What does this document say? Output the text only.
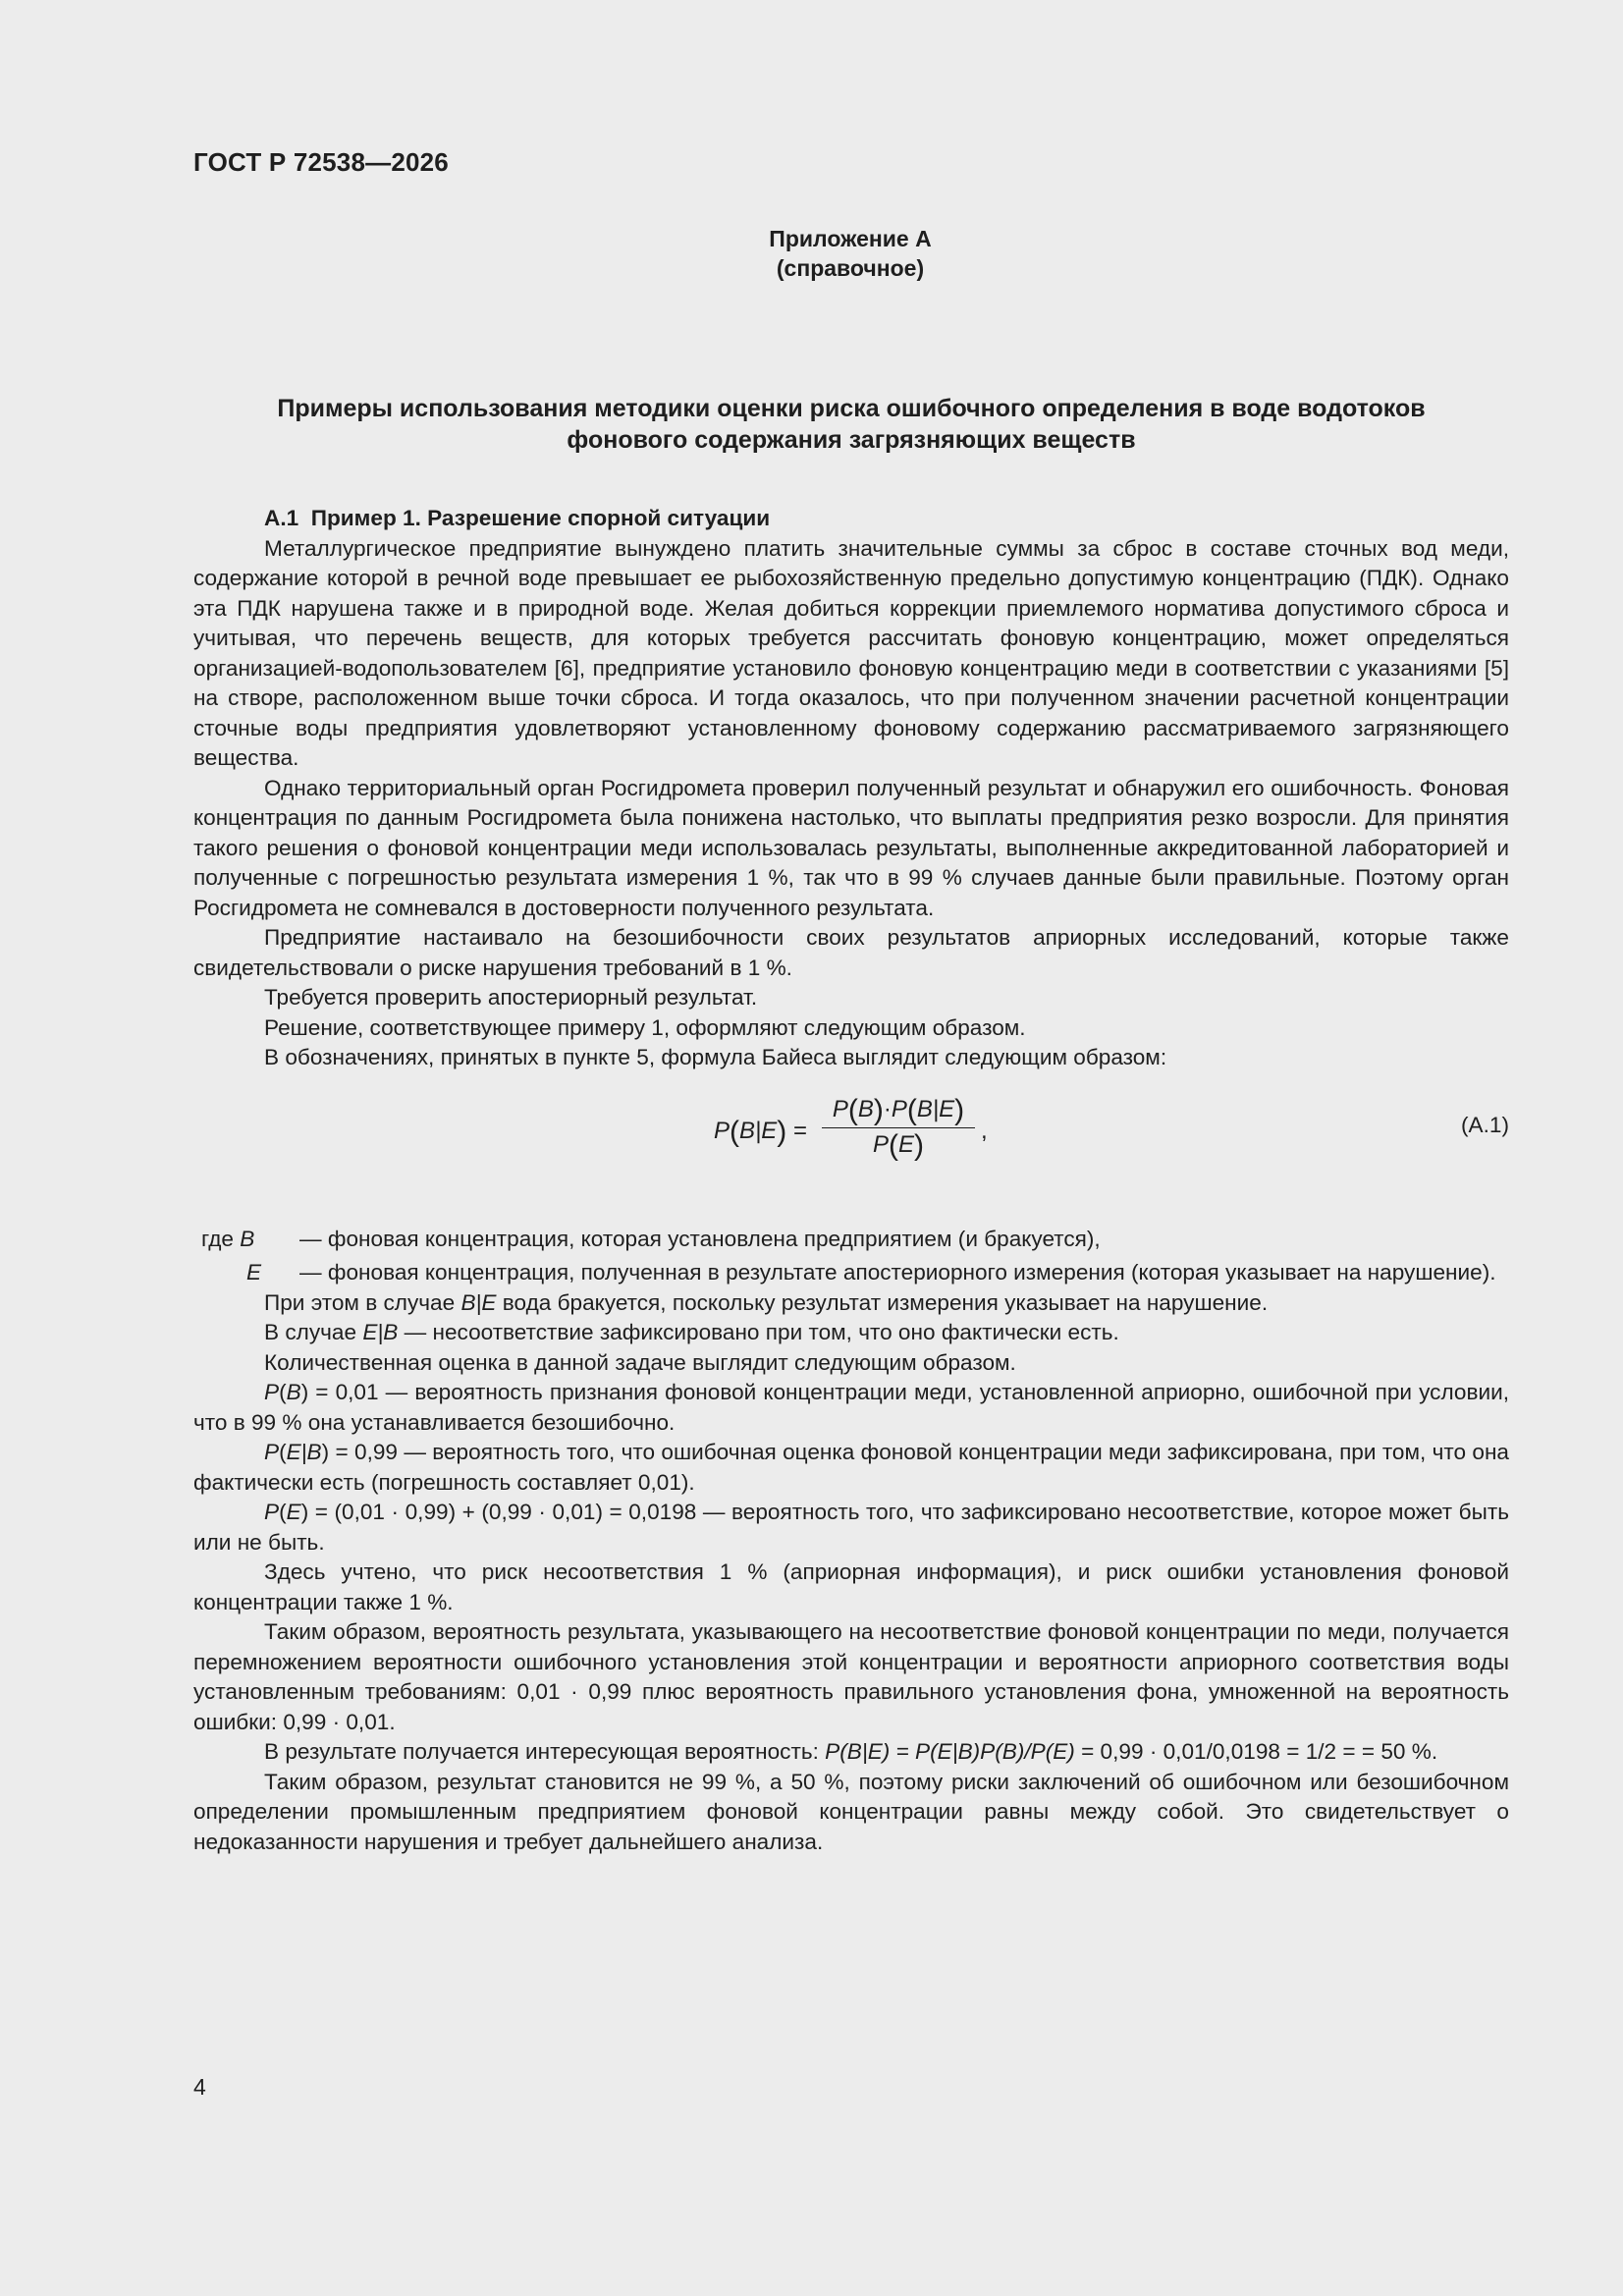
ГОСТ Р 72538—2026
Приложение А
(справочное)
Примеры использования методики оценки риска ошибочного определения в воде водотоков
фонового содержания загрязняющих веществ

А.1 Пример 1. Разрешение спорной ситуации

Металлургическое предприятие вынуждено платить значительные суммы за сброс в составе сточных вод меди, содержание которой в речной воде превышает ее рыбохозяйственную предельно допустимую концентрацию (ПДК). Однако эта ПДК нарушена также и в природной воде. Желая добиться коррекции приемлемого норматива допустимого сброса и учитывая, что перечень веществ, для которых требуется рассчитать фоновую концентрацию, может определяться организацией-водопользователем [6], предприятие установило фоновую концентрацию меди в соответствии с указаниями [5] на створе, расположенном выше точки сброса. И тогда оказалось, что при полученном значении расчетной концентрации сточные воды предприятия удовлетворяют установленному фоновому содержанию рассматриваемого загрязняющего вещества.

Однако территориальный орган Росгидромета проверил полученный результат и обнаружил его ошибочность. Фоновая концентрация по данным Росгидромета была понижена настолько, что выплаты предприятия резко возросли. Для принятия такого решения о фоновой концентрации меди использовалась результаты, выполненные аккредитованной лабораторией и полученные с погрешностью результата измерения 1 %, так что в 99 % случаев данные были правильные. Поэтому орган Росгидромета не сомневался в достоверности полученного результата.

Предприятие настаивало на безошибочности своих результатов априорных исследований, которые также свидетельствовали о риске нарушения требований в 1 %.

Требуется проверить апостериорный результат.

Решение, соответствующее примеру 1, оформляют следующим образом.

В обозначениях, принятых в пункте 5, формула Байеса выглядит следующим образом:

P(B|E) =
P(B)·P(B|E)
P(E)	,	(А.1)

где B — фоновая концентрация, которая установлена предприятием (и бракуется),

E — фоновая концентрация, полученная в результате апостериорного измерения (которая указывает на нарушение).

При этом в случае B|E вода бракуется, поскольку результат измерения указывает на нарушение.

В случае E|B — несоответствие зафиксировано при том, что оно фактически есть.

Количественная оценка в данной задаче выглядит следующим образом.

P(B) = 0,01 — вероятность признания фоновой концентрации меди, установленной априорно, ошибочной при условии, что в 99 % она устанавливается безошибочно.

P(E|B) = 0,99 — вероятность того, что ошибочная оценка фоновой концентрации меди зафиксирована, при том, что она фактически есть (погрешность составляет 0,01).

P(E) = (0,01 · 0,99) + (0,99 · 0,01) = 0,0198 — вероятность того, что зафиксировано несоответствие, которое может быть или не быть.

Здесь учтено, что риск несоответствия 1 % (априорная информация), и риск ошибки установления фоновой концентрации также 1 %.

Таким образом, вероятность результата, указывающего на несоответствие фоновой концентрации по меди, получается перемножением вероятности ошибочного установления этой концентрации и вероятности априорного соответствия воды установленным требованиям: 0,01 · 0,99 плюс вероятность правильного установления фона, умноженной на вероятность ошибки: 0,99 · 0,01.

В результате получается интересующая вероятность: P(B|E) = P(E|B)P(B)/P(E) = 0,99 · 0,01/0,0198 = 1/2 = = 50 %.

Таким образом, результат становится не 99 %, а 50 %, поэтому риски заключений об ошибочном или безошибочном определении промышленным предприятием фоновой концентрации равны между собой. Это свидетельствует о недоказанности нарушения и требует дальнейшего анализа.

4
